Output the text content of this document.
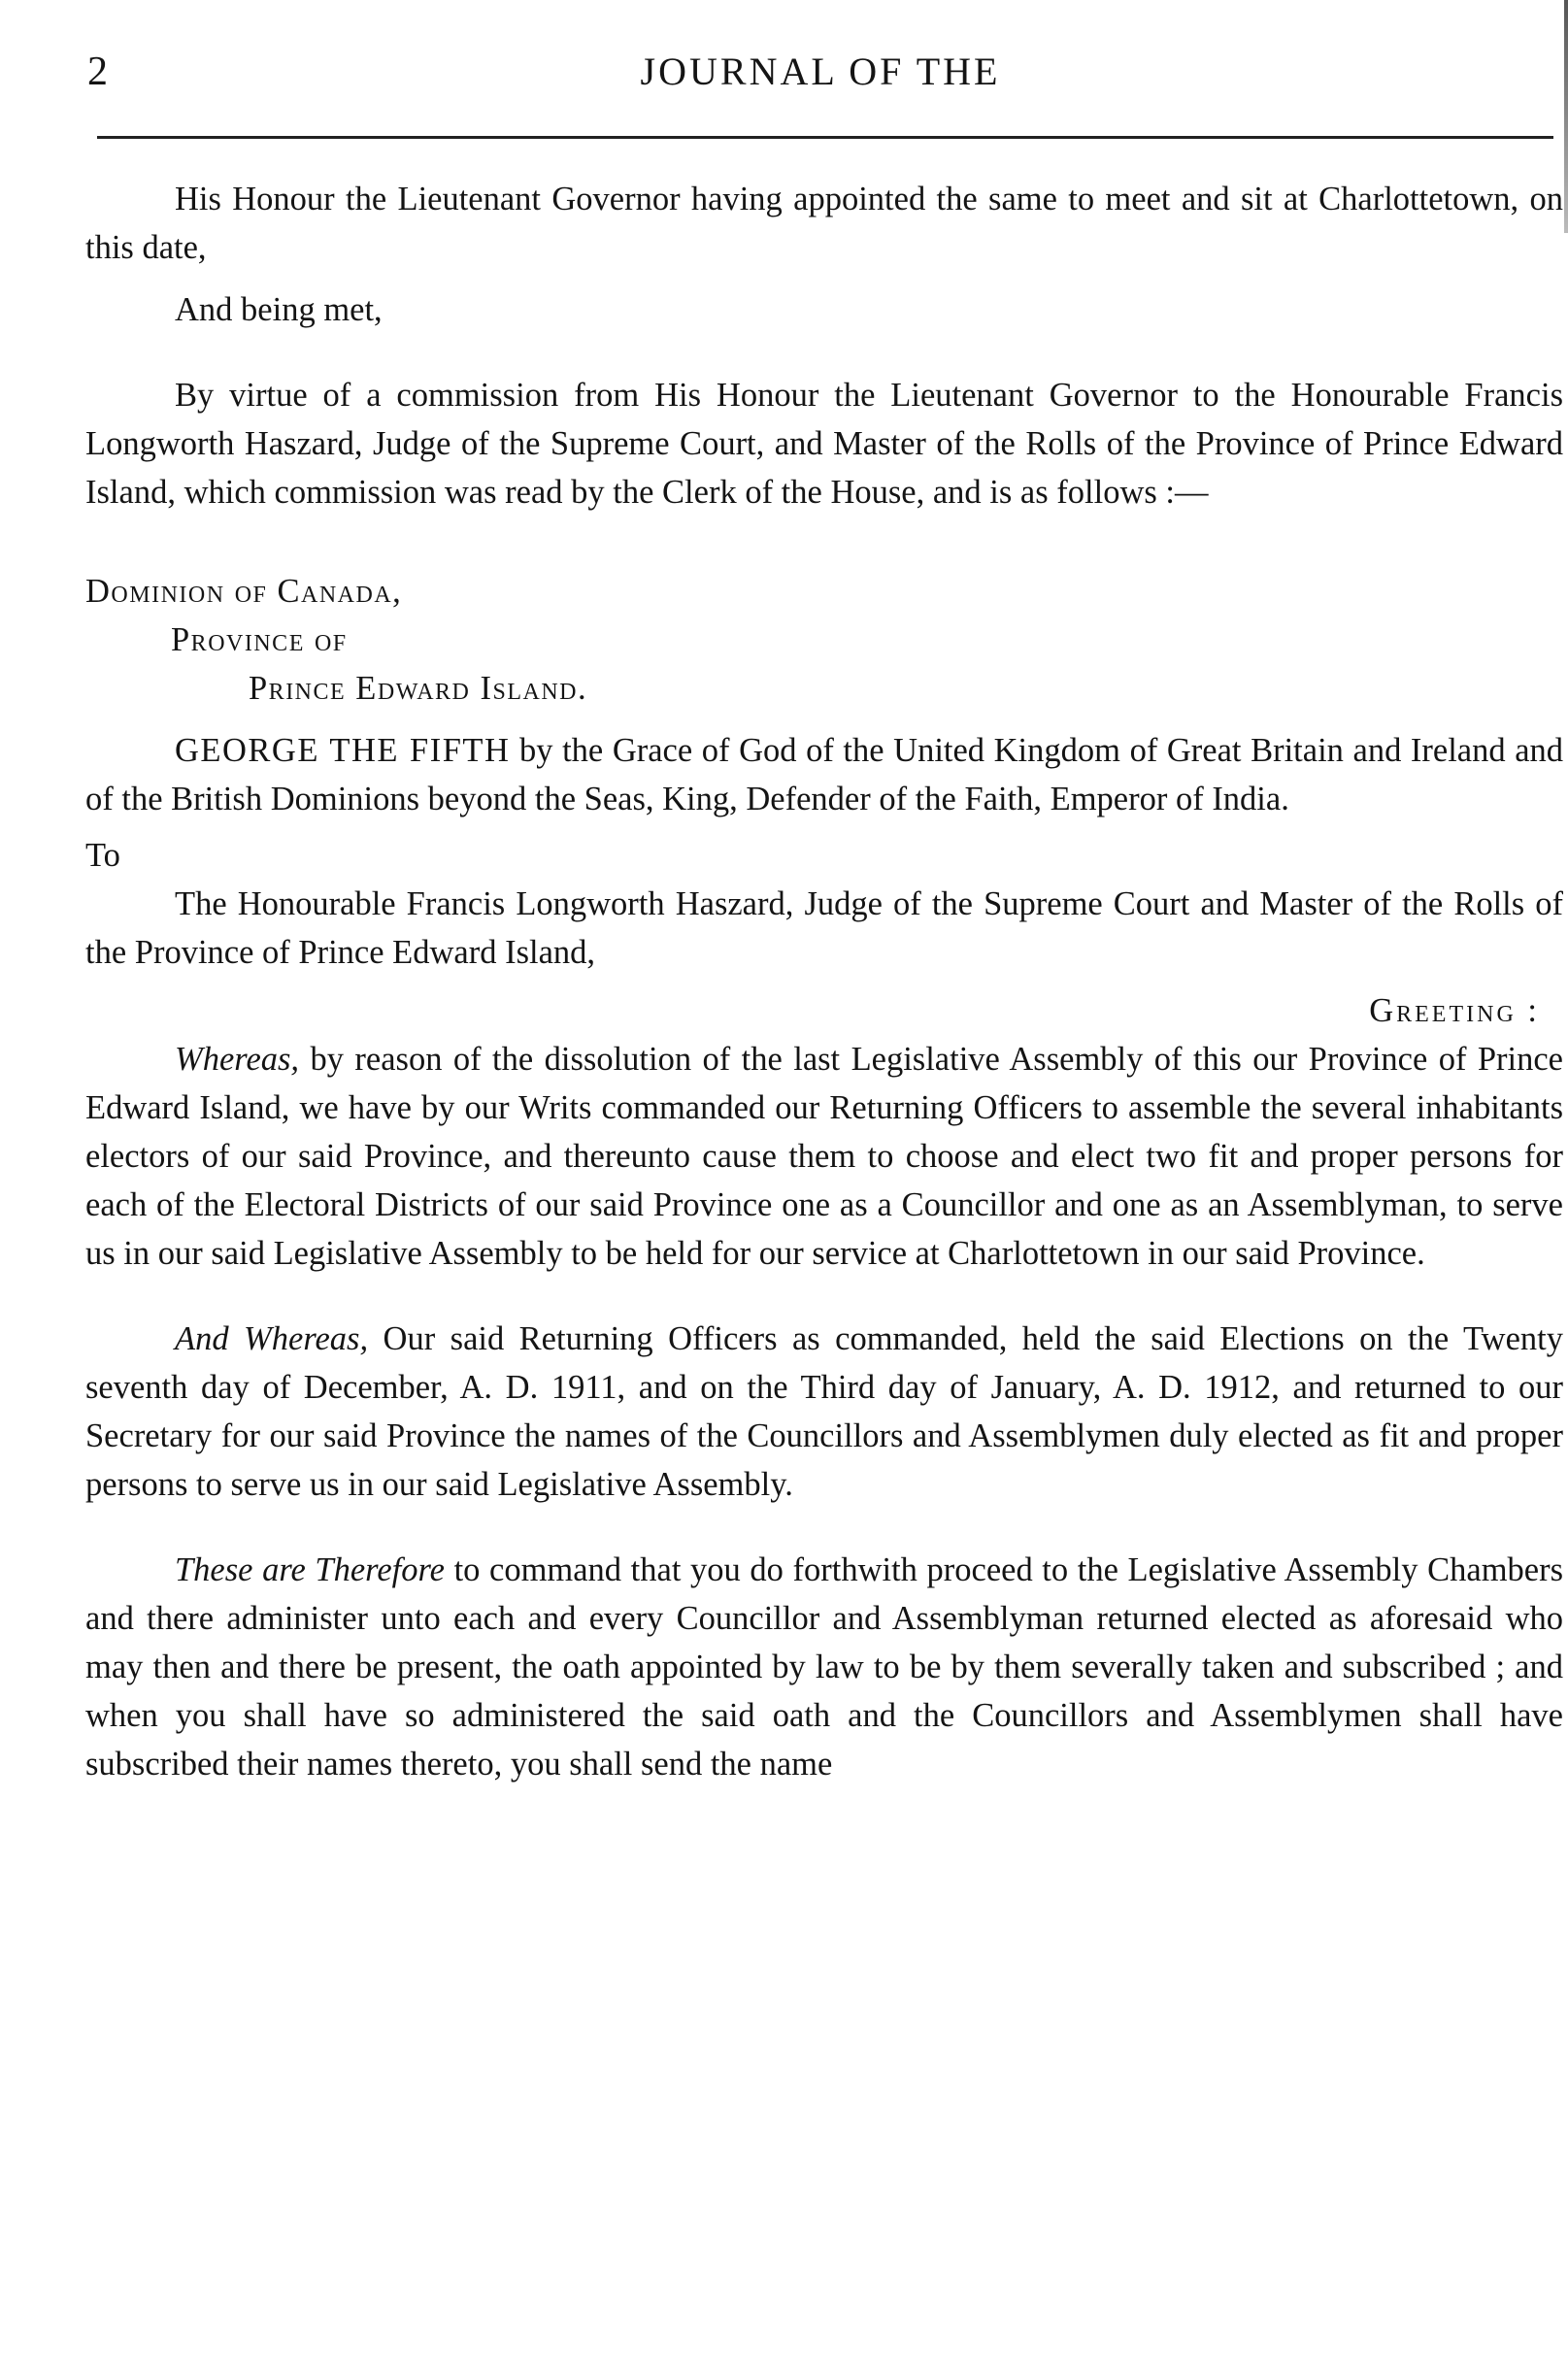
2	JOURNAL OF THE

His Honour the Lieutenant Governor having appointed the same to meet and sit at Charlottetown, on this date,

And being met,

By virtue of a commission from His Honour the Lieutenant Governor to the Honourable Francis Longworth Haszard, Judge of the Supreme Court, and Master of the Rolls of the Province of Prince Edward Island, which commission was read by the Clerk of the House, and is as follows :—

Dominion of Canada,
Province of
Prince Edward Island.

GEORGE THE FIFTH by the Grace of God of the United Kingdom of Great Britain and Ireland and of the British Dominions beyond the Seas, King, Defender of the Faith, Emperor of India.

To

The Honourable Francis Longworth Haszard, Judge of the Supreme Court and Master of the Rolls of the Province of Prince Edward Island,

Greeting :

Whereas, by reason of the dissolution of the last Legislative Assembly of this our Province of Prince Edward Island, we have by our Writs commanded our Returning Officers to assemble the several inhabitants electors of our said Province, and thereunto cause them to choose and elect two fit and proper persons for each of the Electoral Districts of our said Province one as a Councillor and one as an Assemblyman, to serve us in our said Legislative Assembly to be held for our service at Charlottetown in our said Province.

And Whereas, Our said Returning Officers as commanded, held the said Elections on the Twenty seventh day of December, A. D. 1911, and on the Third day of January, A. D. 1912, and returned to our Secretary for our said Province the names of the Councillors and Assemblymen duly elected as fit and proper persons to serve us in our said Legislative Assembly.

These are Therefore to command that you do forthwith proceed to the Legislative Assembly Chambers and there administer unto each and every Councillor and Assemblyman returned elected as aforesaid who may then and there be present, the oath appointed by law to be by them severally taken and subscribed ; and when you shall have so administered the said oath and the Councillors and Assemblymen shall have subscribed their names thereto, you shall send the name
